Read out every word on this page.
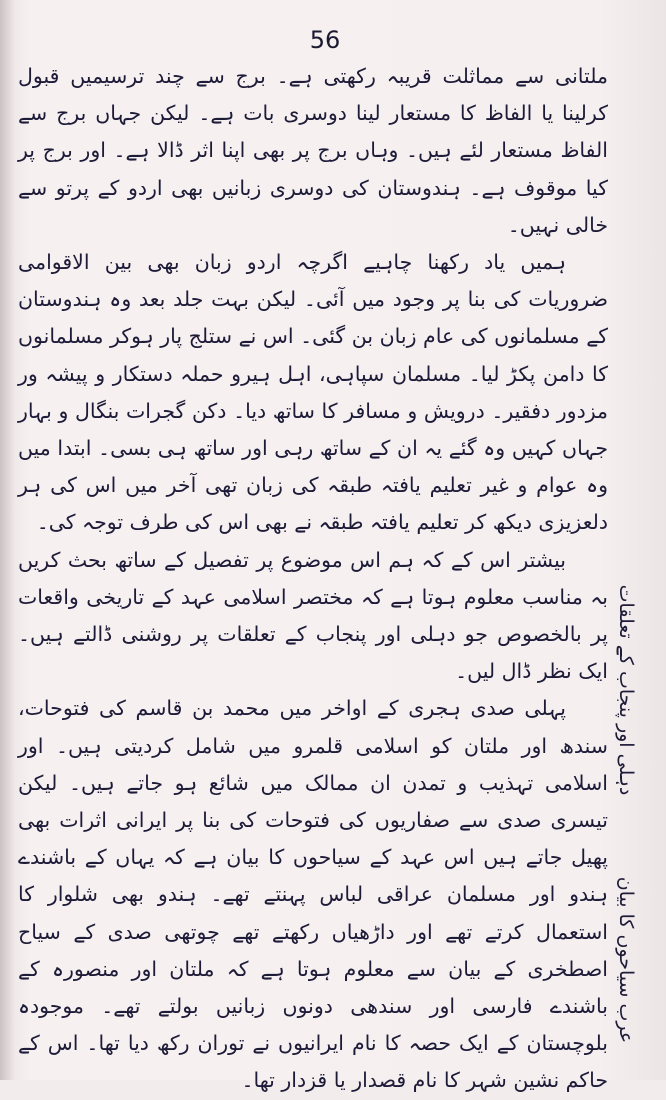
56

ملتانی سے مماثلت قریبہ رکھتی ہے۔ برج سے چند ترسیمیں قبول کرلینا یا الفاظ کا مستعار لینا دوسری بات ہے۔ لیکن جہاں برج سے الفاظ مستعار لئے ہیں۔ وہاں برج پر بھی اپنا اثر ڈالا ہے۔ اور برج پر کیا موقوف ہے۔ ہندوستان کی دوسری زبانیں بھی اردو کے پرتو سے خالی نہیں۔

ہمیں یاد رکھنا چاہیے اگرچہ اردو زبان بھی بین الاقوامی ضروریات کی بنا پر وجود میں آئی۔ لیکن بہت جلد بعد وہ ہندوستان کے مسلمانوں کی عام زبان بن گئی۔ اس نے ستلج پار ہوکر مسلمانوں کا دامن پکڑ لیا۔ مسلمان سپاہی، اہل ہیرو حملہ دستکار و پیشہ ور مزدور دفقیر۔ درویش و مسافر کا ساتھ دیا۔ دکن گجرات بنگال و بہار جہاں کہیں وہ گئے یہ ان کے ساتھ رہی اور ساتھ ہی بسی۔ ابتدا میں وہ عوام و غیر تعلیم یافتہ طبقہ کی زبان تھی آخر میں اس کی ہر دلعزیزی دیکھ کر تعلیم یافتہ طبقہ نے بھی اس کی طرف توجہ کی۔

بیشتر اس کے کہ ہم اس موضوع پر تفصیل کے ساتھ بحث کریں بہ مناسب معلوم ہوتا ہے کہ مختصر اسلامی عہد کے تاریخی واقعات پر بالخصوص جو دہلی اور پنجاب کے تعلقات پر روشنی ڈالتے ہیں۔ ایک نظر ڈال لیں۔

پہلی صدی ہجری کے اواخر میں محمد بن قاسم کی فتوحات، سندھ اور ملتان کو اسلامی قلمرو میں شامل کردیتی ہیں۔ اور اسلامی تہذیب و تمدن ان ممالک میں شائع ہو جاتے ہیں۔ لیکن تیسری صدی سے صفاریوں کی فتوحات کی بنا پر ایرانی اثرات بھی پھیل جاتے ہیں اس عہد کے سیاحوں کا بیان ہے کہ یہاں کے باشندے ہندو اور مسلمان عراقی لباس پہنتے تھے۔ ہندو بھی شلوار کا استعمال کرتے تھے اور داڑھیاں رکھتے تھے چوتھی صدی کے سیاح اصطخری کے بیان سے معلوم ہوتا ہے کہ ملتان اور منصورہ کے باشندے فارسی اور سندھی دونوں زبانیں بولتے تھے۔ موجودہ بلوچستان کے ایک حصہ کا نام ایرانیوں نے توران رکھ دیا تھا۔ اس کے حاکم نشین شہر کا نام قصدار یا قزدار تھا۔

دہلی اور پنجاب کے تعلقات
عرب سیاحوں کا بیان
